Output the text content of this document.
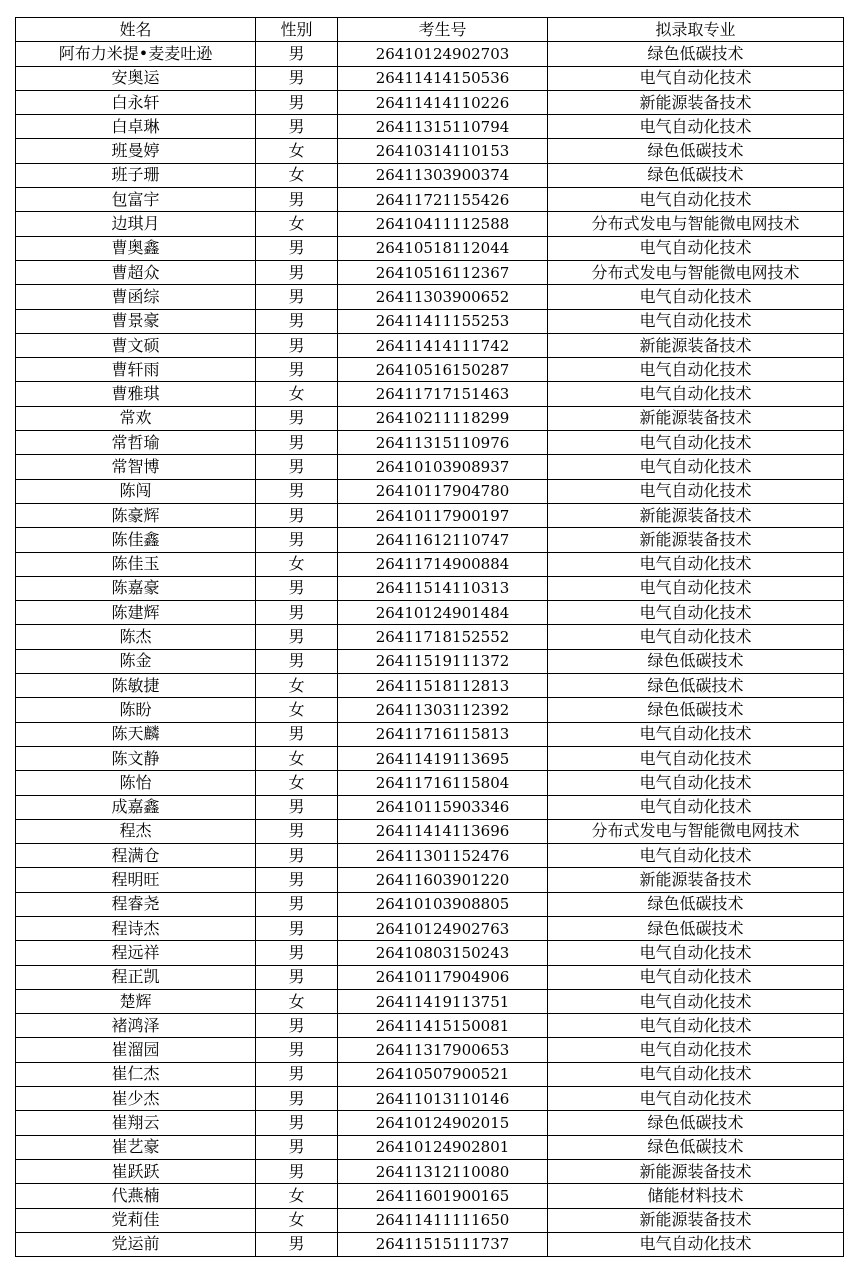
姓名	性别	考生号	拟录取专业
阿布力米提•麦麦吐逊	男	26410124902703	绿色低碳技术
安奥运	男	26411414150536	电气自动化技术
白永轩	男	26411414110226	新能源装备技术
白卓琳	男	26411315110794	电气自动化技术
班曼婷	女	26410314110153	绿色低碳技术
班子珊	女	26411303900374	绿色低碳技术
包富宇	男	26411721155426	电气自动化技术
边琪月	女	26410411112588	分布式发电与智能微电网技术
曹奥鑫	男	26410518112044	电气自动化技术
曹超众	男	26410516112367	分布式发电与智能微电网技术
曹函综	男	26411303900652	电气自动化技术
曹景豪	男	26411411155253	电气自动化技术
曹文硕	男	26411414111742	新能源装备技术
曹轩雨	男	26410516150287	电气自动化技术
曹雅琪	女	26411717151463	电气自动化技术
常欢	男	26410211118299	新能源装备技术
常哲瑜	男	26411315110976	电气自动化技术
常智博	男	26410103908937	电气自动化技术
陈闯	男	26410117904780	电气自动化技术
陈豪辉	男	26410117900197	新能源装备技术
陈佳鑫	男	26411612110747	新能源装备技术
陈佳玉	女	26411714900884	电气自动化技术
陈嘉豪	男	26411514110313	电气自动化技术
陈建辉	男	26410124901484	电气自动化技术
陈杰	男	26411718152552	电气自动化技术
陈金	男	26411519111372	绿色低碳技术
陈敏捷	女	26411518112813	绿色低碳技术
陈盼	女	26411303112392	绿色低碳技术
陈天麟	男	26411716115813	电气自动化技术
陈文静	女	26411419113695	电气自动化技术
陈怡	女	26411716115804	电气自动化技术
成嘉鑫	男	26410115903346	电气自动化技术
程杰	男	26411414113696	分布式发电与智能微电网技术
程满仓	男	26411301152476	电气自动化技术
程明旺	男	26411603901220	新能源装备技术
程睿尧	男	26410103908805	绿色低碳技术
程诗杰	男	26410124902763	绿色低碳技术
程远祥	男	26410803150243	电气自动化技术
程正凯	男	26410117904906	电气自动化技术
楚辉	女	26411419113751	电气自动化技术
褚鸿泽	男	26411415150081	电气自动化技术
崔溜园	男	26411317900653	电气自动化技术
崔仁杰	男	26410507900521	电气自动化技术
崔少杰	男	26411013110146	电气自动化技术
崔翔云	男	26410124902015	绿色低碳技术
崔艺豪	男	26410124902801	绿色低碳技术
崔跃跃	男	26411312110080	新能源装备技术
代燕楠	女	26411601900165	储能材料技术
党莉佳	女	26411411111650	新能源装备技术
党运前	男	26411515111737	电气自动化技术
